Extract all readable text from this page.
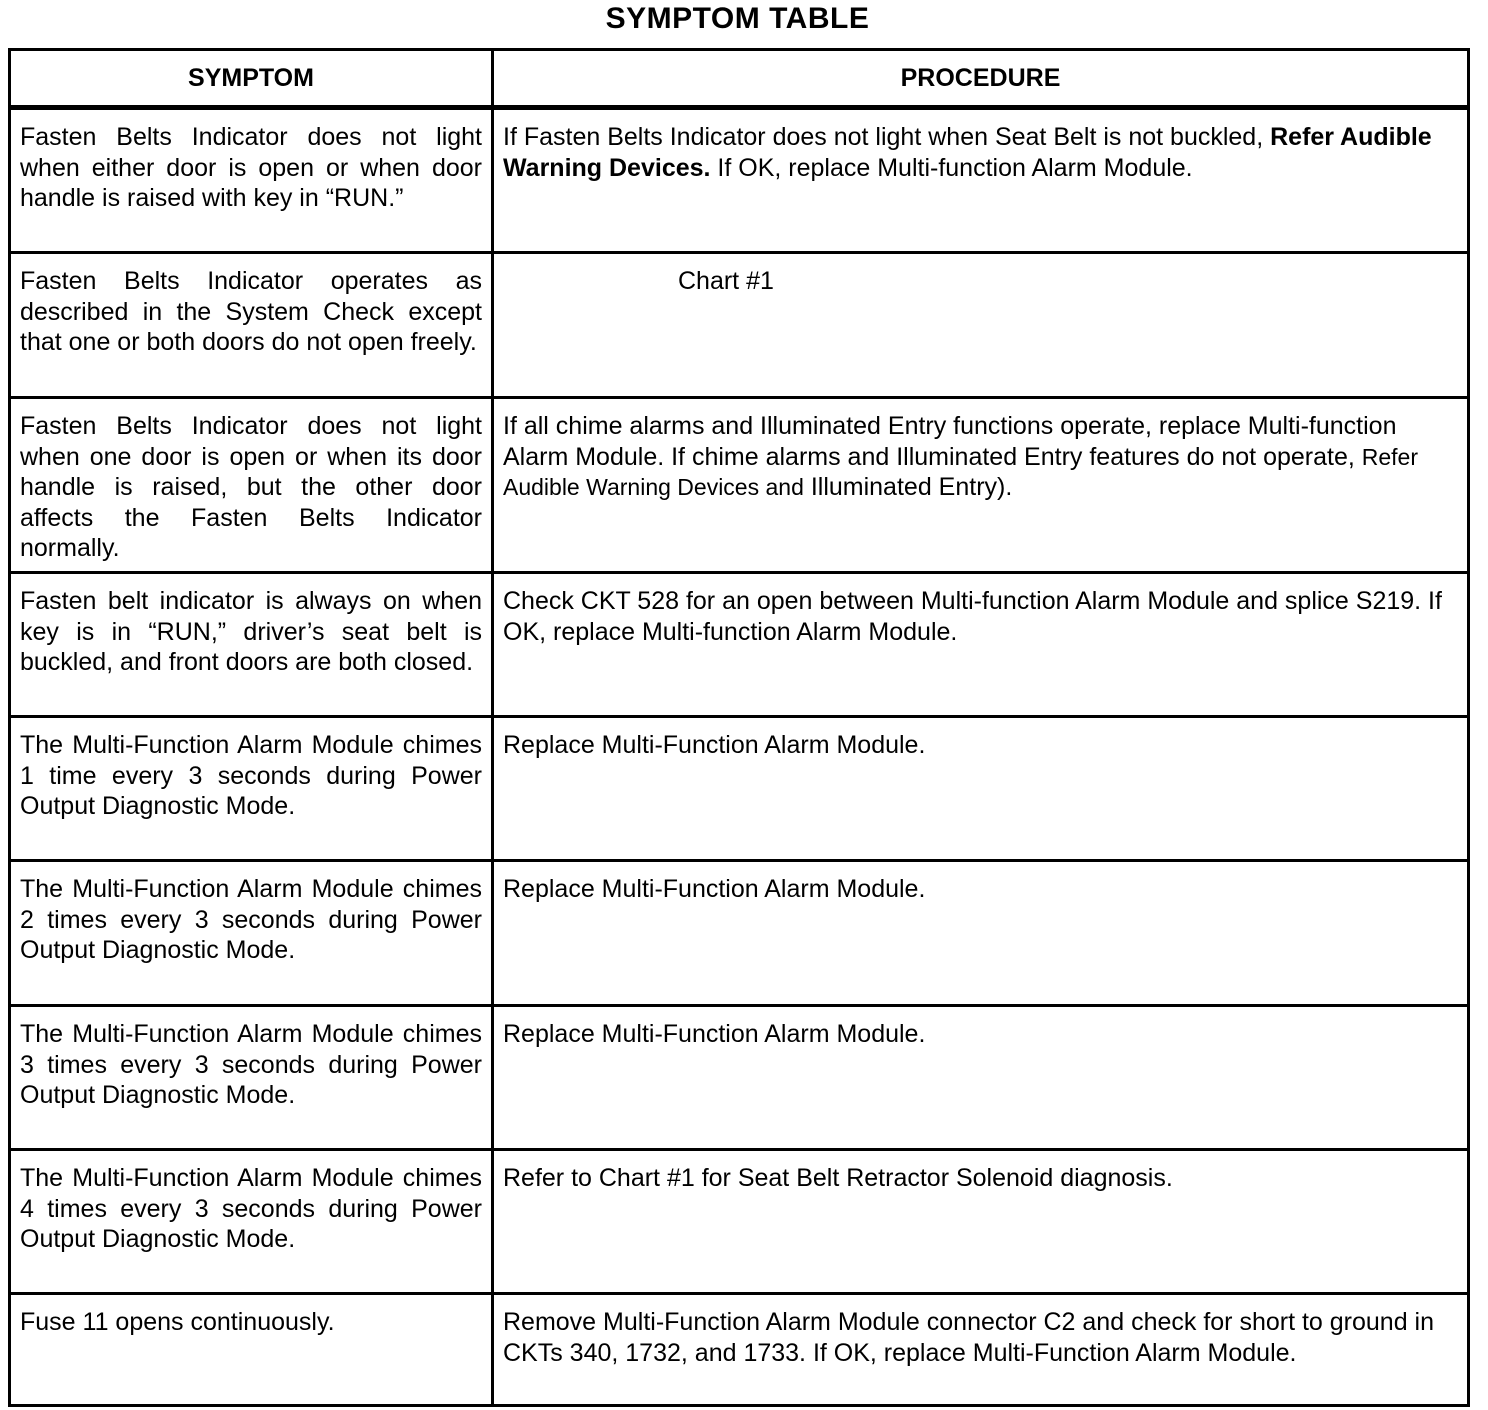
SYMPTOM TABLE
SYMPTOM	PROCEDURE
Fasten Belts Indicator does not light when either door is open or when door handle is raised with key in “RUN.”	If Fasten Belts Indicator does not light when Seat Belt is not buckled, Refer Audible Warning Devices. If OK, replace Multi-function Alarm Module.
Fasten Belts Indicator operates as described in the System Check except that one or both doors do not open freely.	Chart #1
Fasten Belts Indicator does not light when one door is open or when its door handle is raised, but the other door affects the Fasten Belts Indicator normally.	If all chime alarms and Illuminated Entry functions operate, replace Multi-function Alarm Module. If chime alarms and Illuminated Entry features do not operate, Refer Audible Warning Devices and Illuminated Entry).
Fasten belt indicator is always on when key is in “RUN,” driver’s seat belt is buckled, and front doors are both closed.	Check CKT 528 for an open between Multi-function Alarm Module and splice S219. If OK, replace Multi-function Alarm Module.
The Multi-Function Alarm Module chimes 1 time every 3 seconds during Power Output Diagnostic Mode.	Replace Multi-Function Alarm Module.
The Multi-Function Alarm Module chimes 2 times every 3 seconds during Power Output Diagnostic Mode.	Replace Multi-Function Alarm Module.
The Multi-Function Alarm Module chimes 3 times every 3 seconds during Power Output Diagnostic Mode.	Replace Multi-Function Alarm Module.
The Multi-Function Alarm Module chimes 4 times every 3 seconds during Power Output Diagnostic Mode.	Refer to Chart #1 for Seat Belt Retractor Solenoid diagnosis.
Fuse 11 opens continuously.	Remove Multi-Function Alarm Module connector C2 and check for short to ground in CKTs 340, 1732, and 1733. If OK, replace Multi-Function Alarm Module.
